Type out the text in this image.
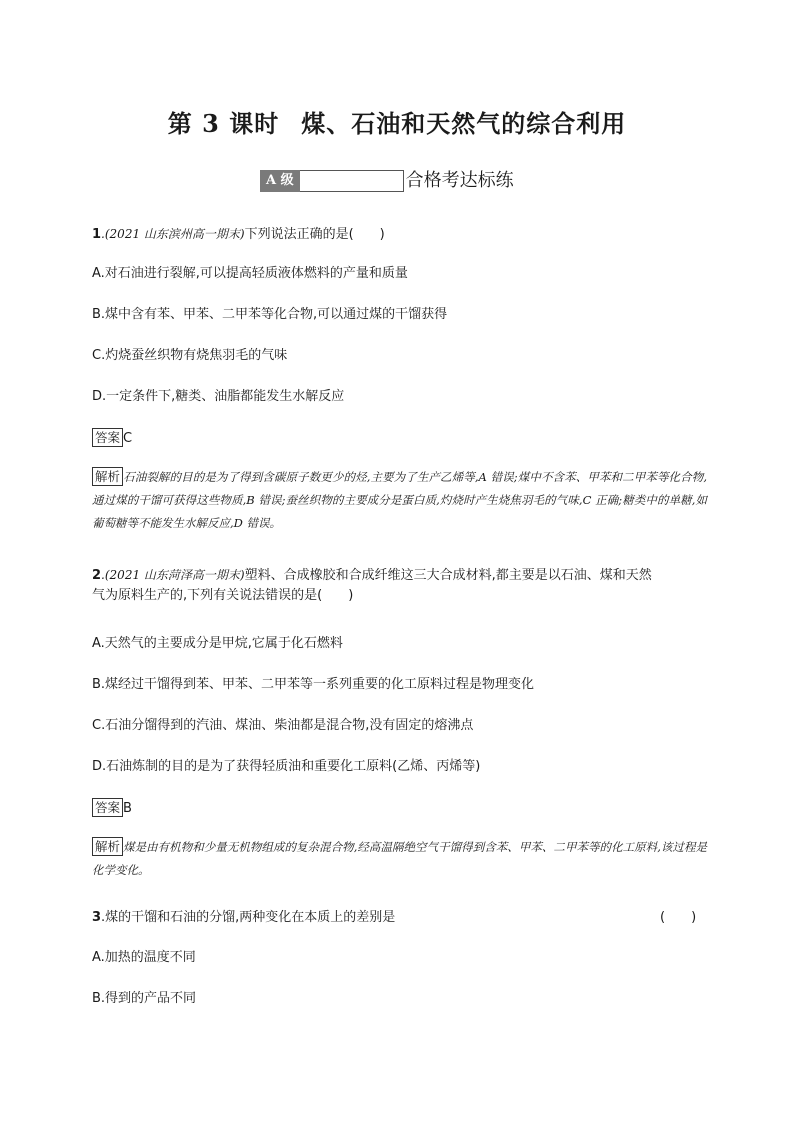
第 3 课时 煤、石油和天然气的综合利用
A 级	合格考达标练
1.(2021 山东滨州高一期末)下列说法正确的是(　　)
A.对石油进行裂解,可以提高轻质液体燃料的产量和质量
B.煤中含有苯、甲苯、二甲苯等化合物,可以通过煤的干馏获得
C.灼烧蚕丝织物有烧焦羽毛的气味
D.一定条件下,糖类、油脂都能发生水解反应
答案 C
解析 石油裂解的目的是为了得到含碳原子数更少的烃,主要为了生产乙烯等,A 错误;煤中不含苯、甲苯和二甲苯等化合物,通过煤的干馏可获得这些物质,B 错误;蚕丝织物的主要成分是蛋白质,灼烧时产生烧焦羽毛的气味,C 正确;糖类中的单糖,如葡萄糖等不能发生水解反应,D 错误。
2.(2021 山东菏泽高一期末)塑料、合成橡胶和合成纤维这三大合成材料,都主要是以石油、煤和天然
气为原料生产的,下列有关说法错误的是(　　)
A.天然气的主要成分是甲烷,它属于化石燃料
B.煤经过干馏得到苯、甲苯、二甲苯等一系列重要的化工原料过程是物理变化
C.石油分馏得到的汽油、煤油、柴油都是混合物,没有固定的熔沸点
D.石油炼制的目的是为了获得轻质油和重要化工原料(乙烯、丙烯等)
答案 B
解析 煤是由有机物和少量无机物组成的复杂混合物,经高温隔绝空气干馏得到含苯、甲苯、二甲苯等的化工原料,该过程是化学变化。
3.煤的干馏和石油的分馏,两种变化在本质上的差别是	(　　)
A.加热的温度不同
B.得到的产品不同
